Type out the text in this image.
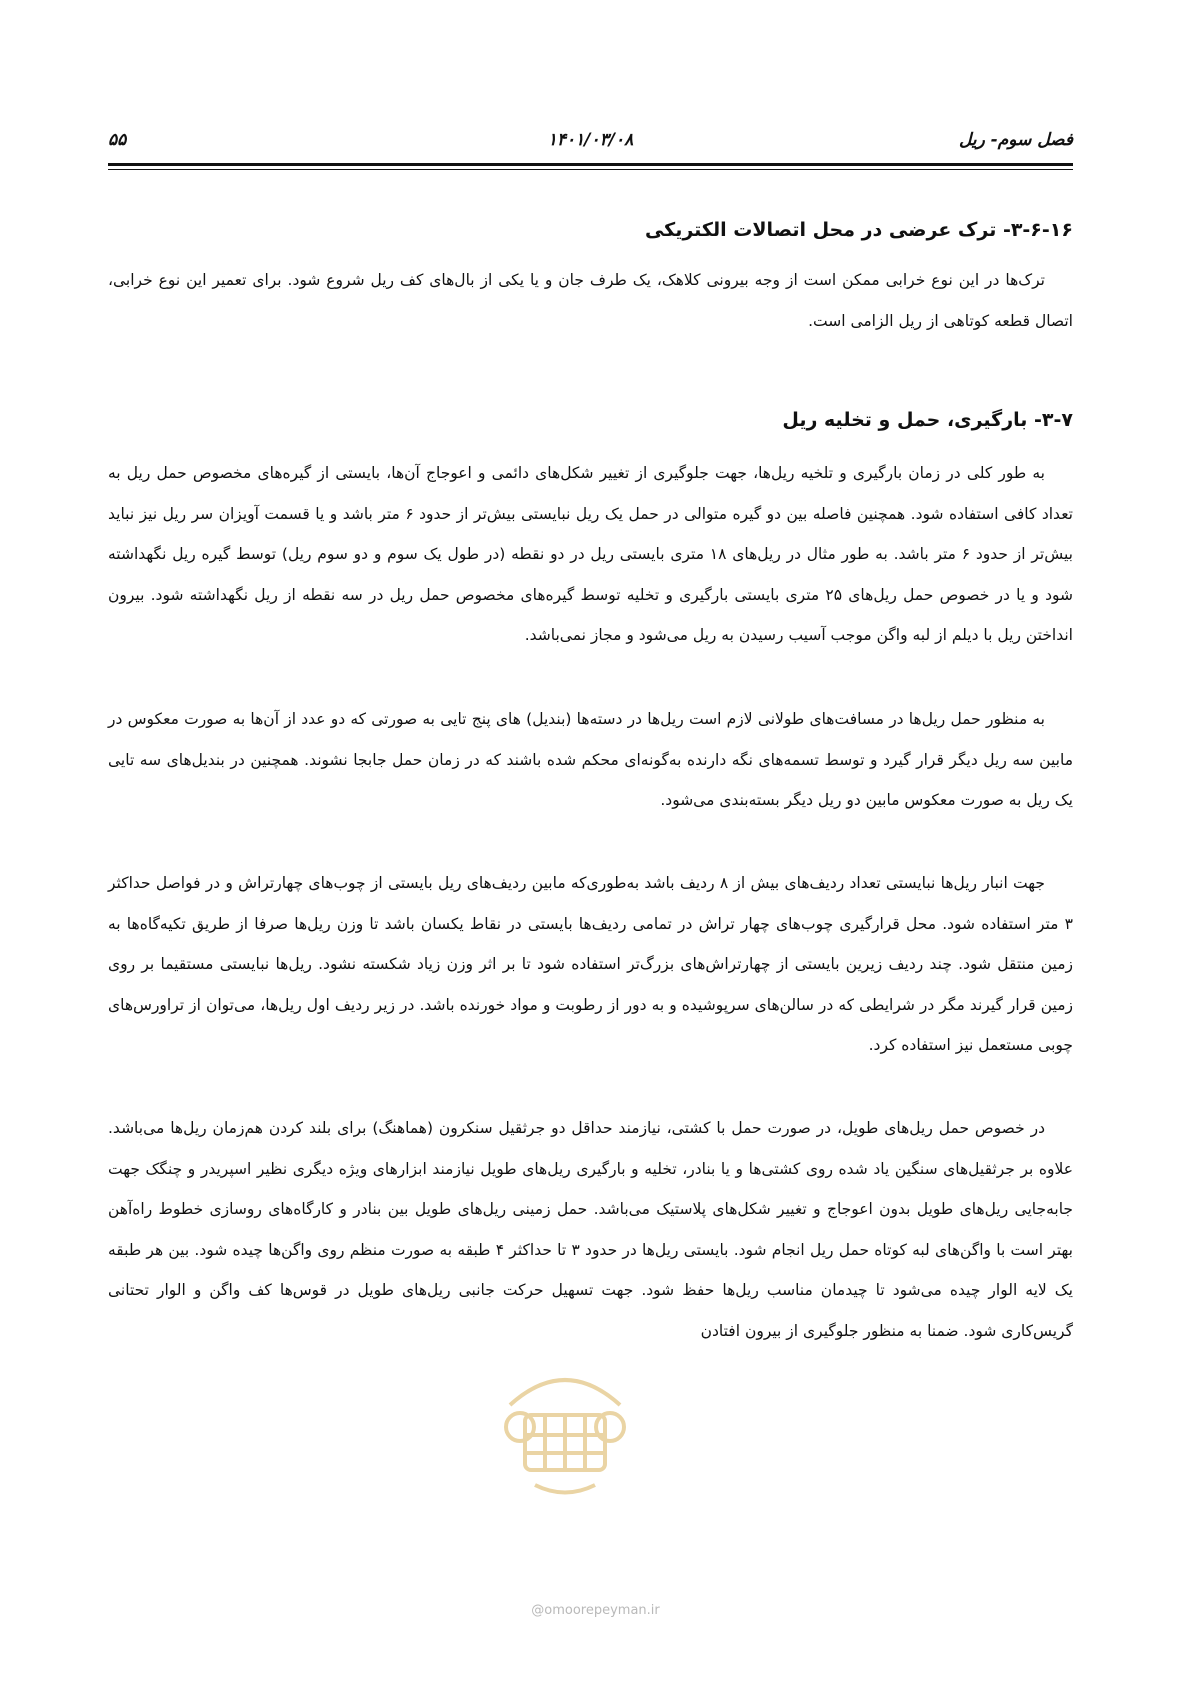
فصل سوم- ریل
۱۴۰۱/۰۳/۰۸
۵۵
۳-۶-۱۶- ترک عرضی در محل اتصالات الکتریکی

ترک‌ها در این نوع خرابی ممکن است از وجه بیرونی کلاهک، یک طرف جان و یا یکی از بال‌های کف ریل شروع شود. برای تعمیر این نوع خرابی، اتصال قطعه کوتاهی از ریل الزامی است.

۳-۷- بارگیری، حمل و تخلیه ریل

به طور کلی در زمان بارگیری و تلخیه ریل‌ها، جهت جلوگیری از تغییر شکل‌های دائمی و اعوجاج آن‌ها، بایستی از گیره‌های مخصوص حمل ریل به تعداد کافی استفاده شود. همچنین فاصله بین دو گیره متوالی در حمل یک ریل نبایستی بیش‌تر از حدود ۶ متر باشد و یا قسمت آویزان سر ریل نیز نباید بیش‌تر از حدود ۶ متر باشد. به طور مثال در ریل‌های ۱۸ متری بایستی ریل در دو نقطه (در طول یک سوم و دو سوم ریل) توسط گیره ریل نگهداشته شود و یا در خصوص حمل ریل‌های ۲۵ متری بایستی بارگیری و تخلیه توسط گیره‌های مخصوص حمل ریل در سه نقطه از ریل نگهداشته شود. بیرون انداختن ریل با دیلم از لبه واگن موجب آسیب رسیدن به ریل می‌شود و مجاز نمی‌باشد.

به منظور حمل ریل‌ها در مسافت‌های طولانی لازم است ریل‌ها در دسته‌ها (بندیل) های پنج تایی به صورتی که دو عدد از آن‌ها به صورت معکوس در مابین سه ریل دیگر قرار گیرد و توسط تسمه‌های نگه دارنده به‌گونه‌ای محکم شده باشند که در زمان حمل جابجا نشوند. همچنین در بندیل‌های سه تایی یک ریل به صورت معکوس مابین دو ریل دیگر بسته‌بندی می‌شود.

جهت انبار ریل‌ها نبایستی تعداد ردیف‌های بیش از ۸ ردیف باشد به‌طوری‌که مابین ردیف‌های ریل بایستی از چوب‌های چهارتراش و در فواصل حداکثر ۳ متر استفاده شود. محل قرارگیری چوب‌های چهار تراش در تمامی ردیف‌ها بایستی در نقاط یکسان باشد تا وزن ریل‌ها صرفا از طریق تکیه‌گاه‌ها به زمین منتقل شود. چند ردیف زیرین بایستی از چهارتراش‌های بزرگ‌تر استفاده شود تا بر اثر وزن زیاد شکسته نشود. ریل‌ها نبایستی مستقیما بر روی زمین قرار گیرند مگر در شرایطی که در سالن‌های سرپوشیده و به دور از رطوبت و مواد خورنده باشد. در زیر ردیف اول ریل‌ها، می‌توان از تراورس‌های چوبی مستعمل نیز استفاده کرد.

در خصوص حمل ریل‌های طویل، در صورت حمل با کشتی، نیازمند حداقل دو جرثقیل سنکرون (هماهنگ) برای بلند کردن هم‌زمان ریل‌ها می‌باشد. علاوه بر جرثقیل‌های سنگین یاد شده روی کشتی‌ها و یا بنادر، تخلیه و بارگیری ریل‌های طویل نیازمند ابزارهای ویژه دیگری نظیر اسپریدر و چنگک جهت جابه‌جایی ریل‌های طویل بدون اعوجاج و تغییر شکل‌های پلاستیک می‌باشد. حمل زمینی ریل‌های طویل بین بنادر و کارگاه‌های روسازی خطوط راه‌آهن بهتر است با واگن‌های لبه کوتاه حمل ریل انجام شود. بایستی ریل‌ها در حدود ۳ تا حداکثر ۴ طبقه به صورت منظم روی واگن‌ها چیده شود. بین هر طبقه یک لایه الوار چیده می‌شود تا چیدمان مناسب ریل‌ها حفظ شود. جهت تسهیل حرکت جانبی ریل‌های طویل در قوس‌ها کف واگن و الوار تحتانی گریس‌کاری شود. ضمنا به منظور جلوگیری از بیرون افتادن

@omoorepeyman.ir
